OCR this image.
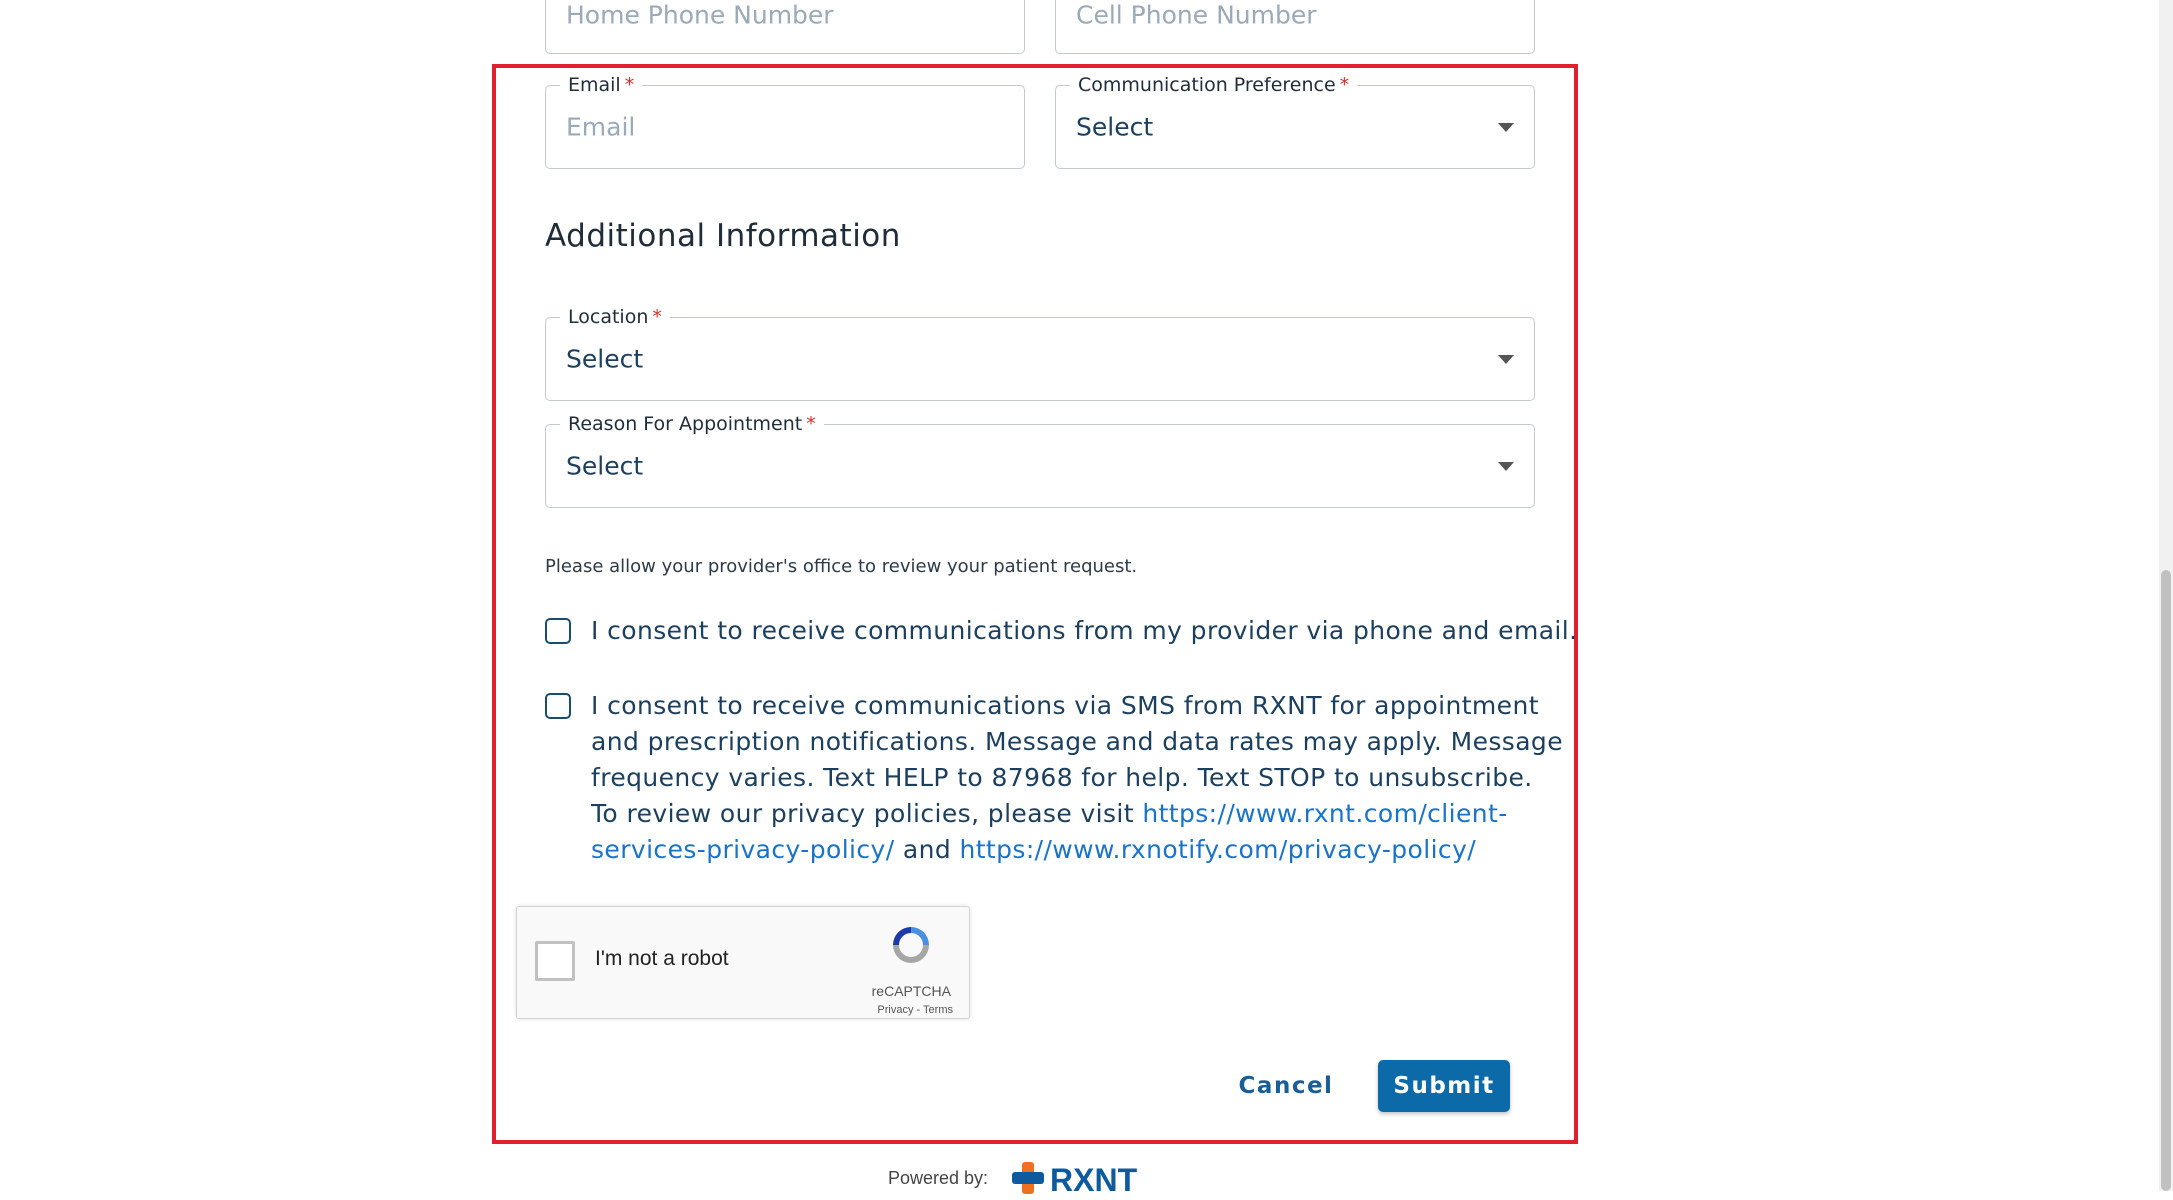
Home Phone Number	Cell Phone Number
Email *
Email
Communication Preference *
Select
Additional Information
Location *
Select
Reason For Appointment *
Select
Please allow your provider's office to review your patient request.
I consent to receive communications from my provider via phone and email.
I consent to receive communications via SMS from RXNT for appointment
and prescription notifications. Message and data rates may apply. Message
frequency varies. Text HELP to 87968 for help. Text STOP to unsubscribe.
To review our privacy policies, please visit https://www.rxnt.com/client-
services-privacy-policy/ and https://www.rxnotify.com/privacy-policy/
I'm not a robot
reCAPTCHA
Privacy - Terms
Cancel	Submit
Powered by: RXNT
